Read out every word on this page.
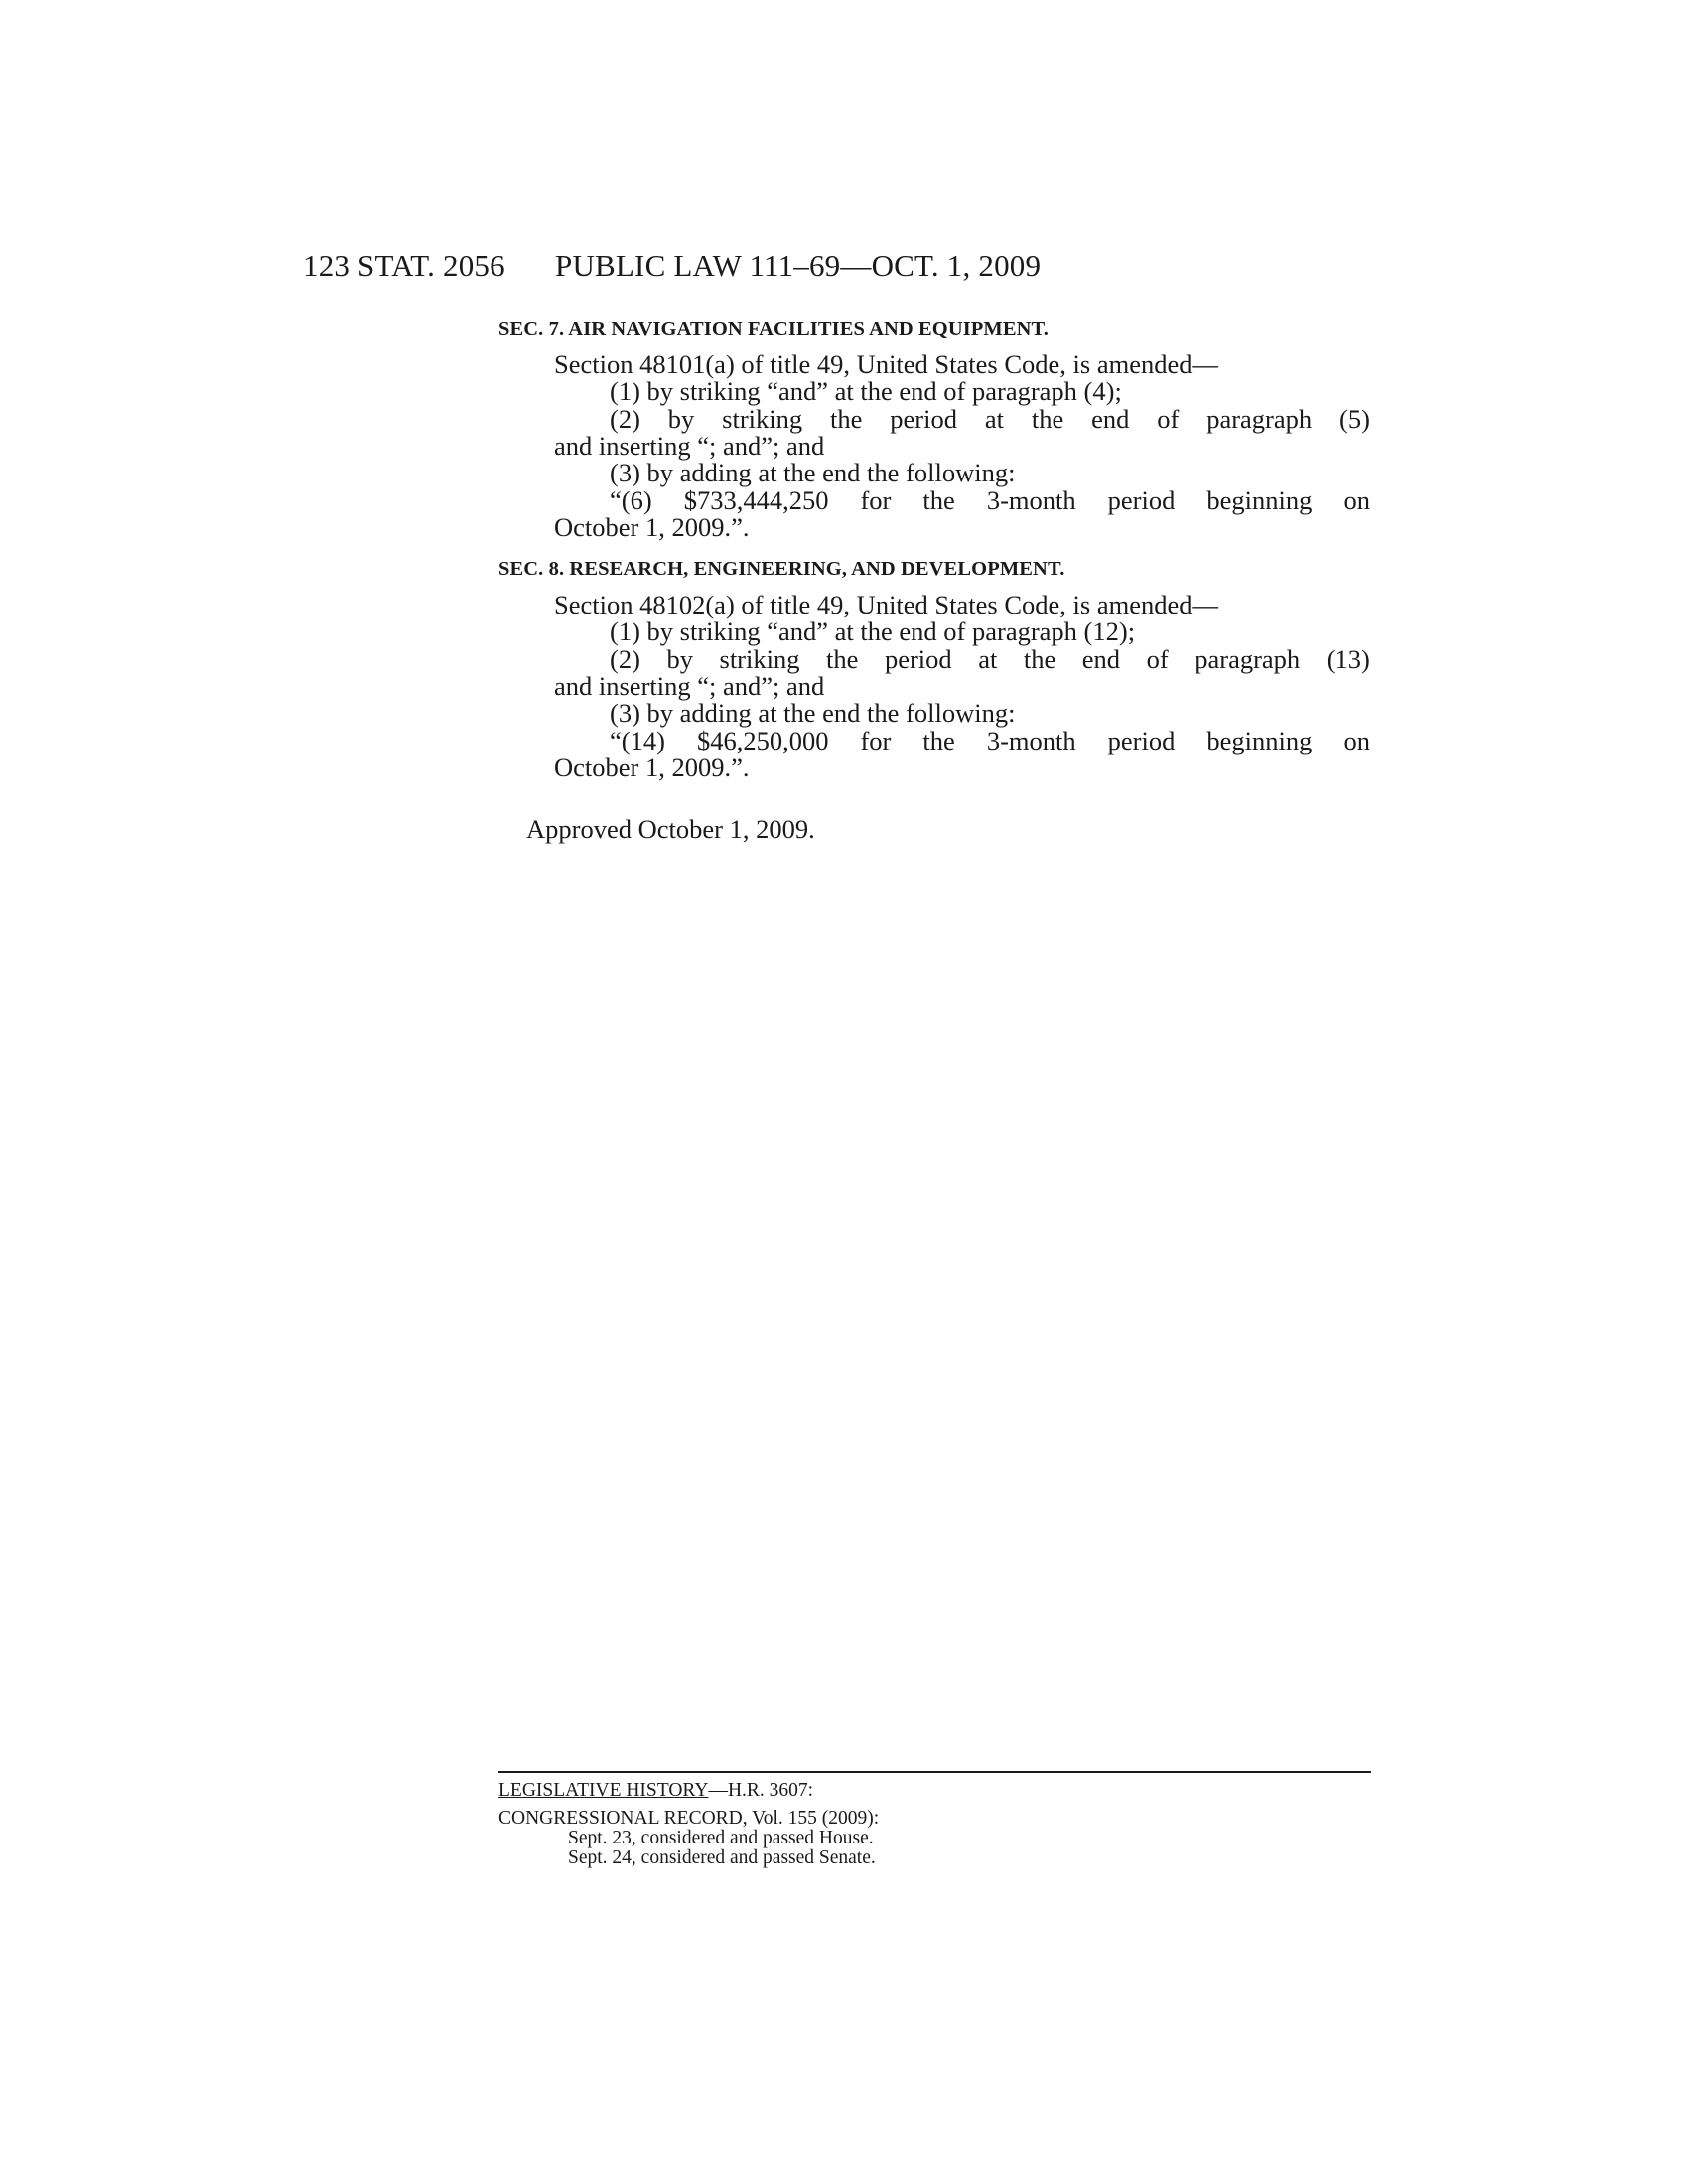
123 STAT. 2056 PUBLIC LAW 111–69—OCT. 1, 2009
SEC. 7. AIR NAVIGATION FACILITIES AND EQUIPMENT.
Section 48101(a) of title 49, United States Code, is amended—
(1) by striking “and” at the end of paragraph (4);
(2) by striking the period at the end of paragraph (5)
and inserting “; and”; and
(3) by adding at the end the following:
“(6) $733,444,250 for the 3-month period beginning on
October 1, 2009.”.
SEC. 8. RESEARCH, ENGINEERING, AND DEVELOPMENT.
Section 48102(a) of title 49, United States Code, is amended—
(1) by striking “and” at the end of paragraph (12);
(2) by striking the period at the end of paragraph (13)
and inserting “; and”; and
(3) by adding at the end the following:
“(14) $46,250,000 for the 3-month period beginning on
October 1, 2009.”.
Approved October 1, 2009.
LEGISLATIVE HISTORY—H.R. 3607:
CONGRESSIONAL RECORD, Vol. 155 (2009):
Sept. 23, considered and passed House.
Sept. 24, considered and passed Senate.
